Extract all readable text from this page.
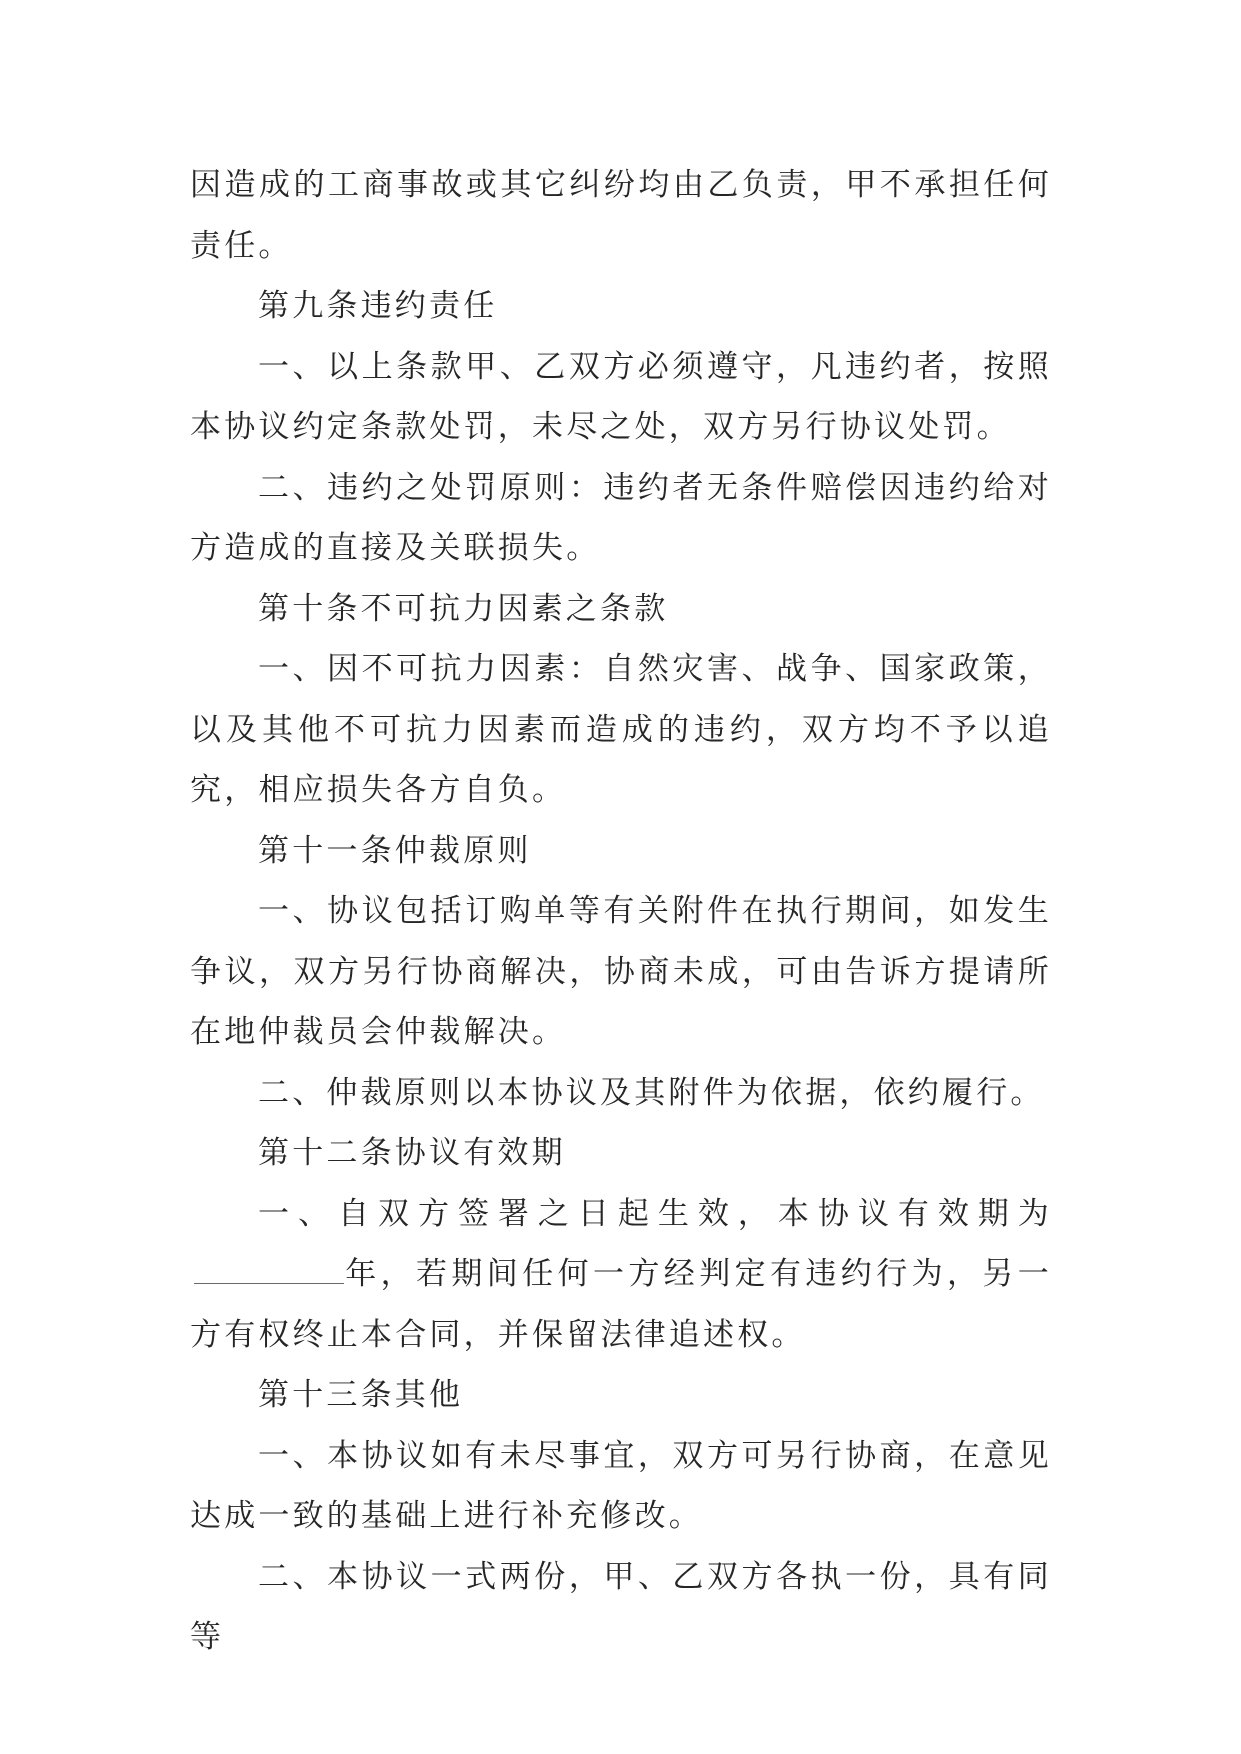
因造成的工商事故或其它纠纷均由乙负责，甲不承担任何责任。

第九条违约责任

一、以上条款甲、乙双方必须遵守，凡违约者，按照本协议约定条款处罚，未尽之处，双方另行协议处罚。

二、违约之处罚原则：违约者无条件赔偿因违约给对方造成的直接及关联损失。

第十条不可抗力因素之条款

一、因不可抗力因素：自然灾害、战争、国家政策，以及其他不可抗力因素而造成的违约，双方均不予以追究，相应损失各方自负。

第十一条仲裁原则

一、协议包括订购单等有关附件在执行期间，如发生争议，双方另行协商解决，协商未成，可由告诉方提请所在地仲裁员会仲裁解决。

二、仲裁原则以本协议及其附件为依据，依约履行。

第十二条协议有效期

一、自双方签署之日起生效，本协议有效期为年，若期间任何一方经判定有违约行为，另一方有权终止本合同，并保留法律追述权。

第十三条其他

一、本协议如有未尽事宜，双方可另行协商，在意见达成一致的基础上进行补充修改。

二、本协议一式两份，甲、乙双方各执一份，具有同等
